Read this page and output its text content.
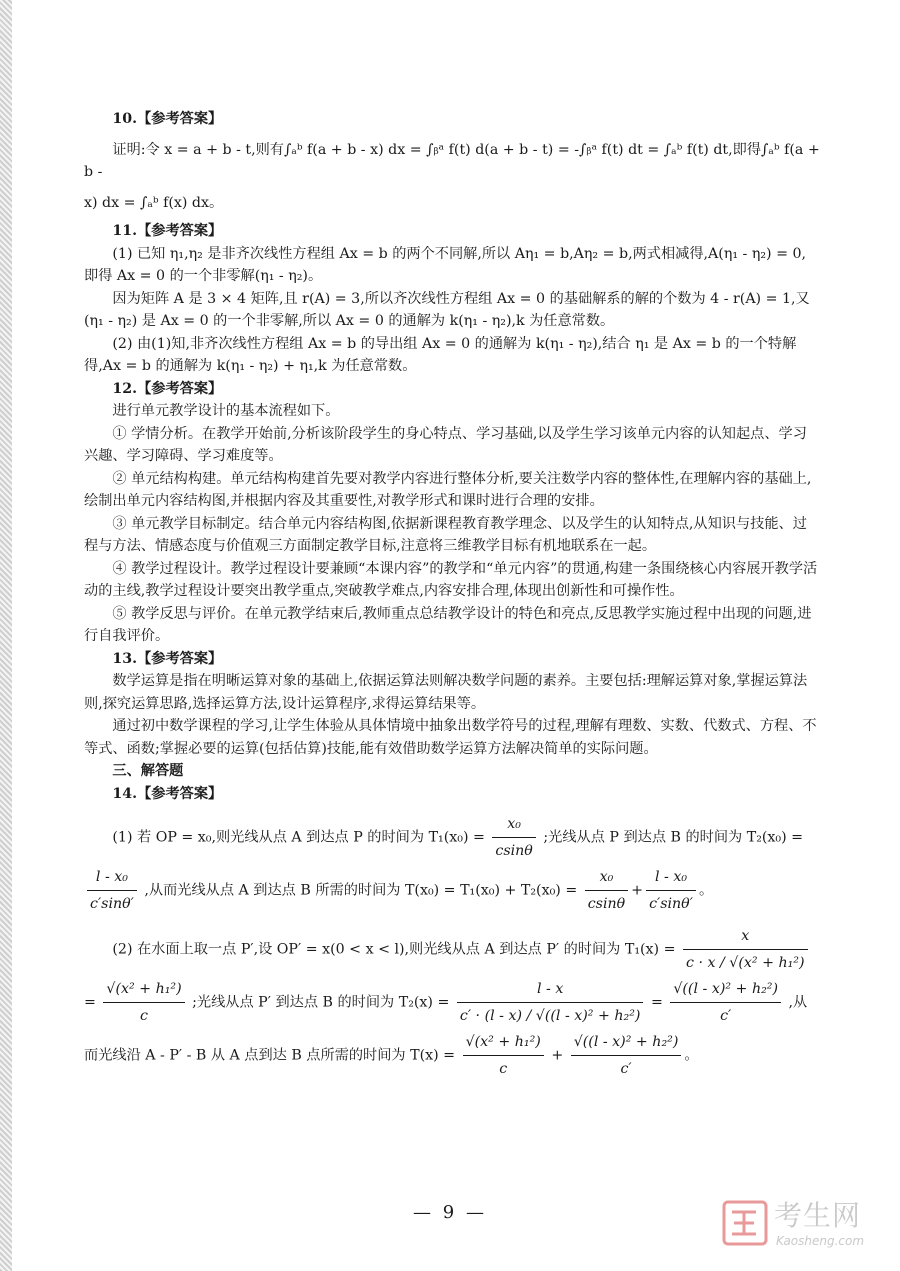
10.【参考答案】

证明:令 x = a + b - t,则有∫ₐᵇ f(a + b - x) dx = ∫ᵦᵃ f(t) d(a + b - t) = -∫ᵦᵃ f(t) dt = ∫ₐᵇ f(t) dt,即得∫ₐᵇ f(a + b -

x) dx = ∫ₐᵇ f(x) dx。

11.【参考答案】

(1) 已知 η₁,η₂ 是非齐次线性方程组 Ax = b 的两个不同解,所以 Aη₁ = b,Aη₂ = b,两式相减得,A(η₁ - η₂) = 0,即得 Ax = 0 的一个非零解(η₁ - η₂)。

因为矩阵 A 是 3 × 4 矩阵,且 r(A) = 3,所以齐次线性方程组 Ax = 0 的基础解系的解的个数为 4 - r(A) = 1,又(η₁ - η₂) 是 Ax = 0 的一个非零解,所以 Ax = 0 的通解为 k(η₁ - η₂),k 为任意常数。

(2) 由(1)知,非齐次线性方程组 Ax = b 的导出组 Ax = 0 的通解为 k(η₁ - η₂),结合 η₁ 是 Ax = b 的一个特解得,Ax = b 的通解为 k(η₁ - η₂) + η₁,k 为任意常数。

12.【参考答案】

进行单元教学设计的基本流程如下。

① 学情分析。在教学开始前,分析该阶段学生的身心特点、学习基础,以及学生学习该单元内容的认知起点、学习兴趣、学习障碍、学习难度等。

② 单元结构构建。单元结构构建首先要对教学内容进行整体分析,要关注数学内容的整体性,在理解内容的基础上,绘制出单元内容结构图,并根据内容及其重要性,对教学形式和课时进行合理的安排。

③ 单元教学目标制定。结合单元内容结构图,依据新课程教育教学理念、以及学生的认知特点,从知识与技能、过程与方法、情感态度与价值观三方面制定教学目标,注意将三维教学目标有机地联系在一起。

④ 教学过程设计。教学过程设计要兼顾“本课内容”的教学和“单元内容”的贯通,构建一条围绕核心内容展开教学活动的主线,教学过程设计要突出教学重点,突破教学难点,内容安排合理,体现出创新性和可操作性。

⑤ 教学反思与评价。在单元教学结束后,教师重点总结教学设计的特色和亮点,反思教学实施过程中出现的问题,进行自我评价。

13.【参考答案】

数学运算是指在明晰运算对象的基础上,依据运算法则解决数学问题的素养。主要包括:理解运算对象,掌握运算法则,探究运算思路,选择运算方法,设计运算程序,求得运算结果等。

通过初中数学课程的学习,让学生体验从具体情境中抽象出数学符号的过程,理解有理数、实数、代数式、方程、不等式、函数;掌握必要的运算(包括估算)技能,能有效借助数学运算方法解决简单的实际问题。

三、解答题

14.【参考答案】

(1) 若 OP = x₀,则光线从点 A 到达点 P 的时间为 $T_1(x_0) = \frac{\text{x₀}}{csin\theta}$ ;光线从点 P 到达点 B 的时间为 T₂(x₀) =
$\frac{\text{l - x₀}}{c'\sin\theta'}$ ,从而光线从点 A 到达点 B 所需的时间为 $T(x_0) = T_1(x_0) + T_2(x_0) = \frac{\text{x₀}}{csin\theta} + \frac{\text{l - x₀}}{c'\sin\theta'}$ 。
(2) 在水面上取一点 P′,设 OP′ = x(0 < x < l),则光线从点 A 到达点 P′ 的时间为 $T_1(x) = \frac{x}{\text{c · x / √(x² + h₁²)}}$
= $\frac{\text{√(x² + h₁²)}}{c}$ ;光线从点 P′ 到达点 B 的时间为 $T_2(x) = \frac{l - x}{\text{c′ · (l - x) / √((l - x)² + h₂²)}} = \frac{\text{√((l - x)² + h₂²)}}{c'}$ ,从而光线沿 A - P′ - B 从 A 点到达 B 点所需的时间为 $T(x) = \frac{\text{√(x² + h₁²)}}{c} + \frac{\text{√((l - x)² + h₂²)}}{c'}$ 。
— 9 —	考生网
Kaosheng.com
